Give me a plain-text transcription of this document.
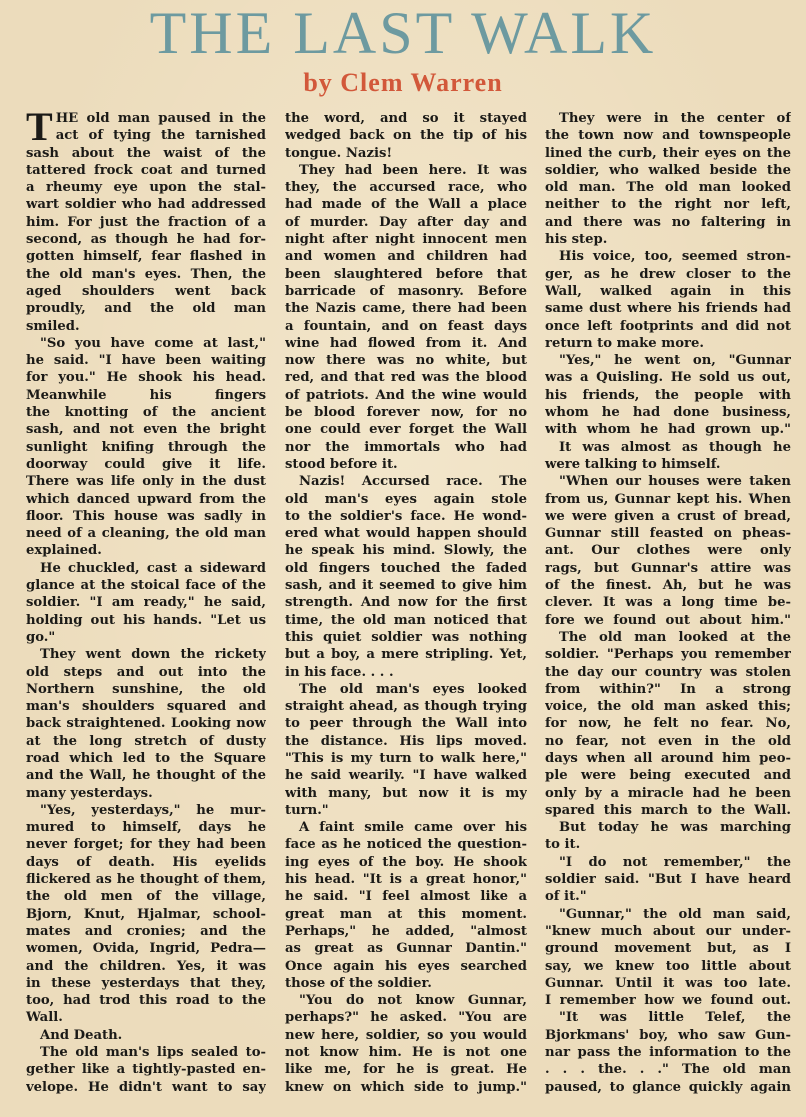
THE LAST WALK
by Clem Warren
T HE old man paused in the
act of tying the tarnished
sash about the waist of the
tattered frock coat and turned
a rheumy eye upon the stal-
wart soldier who had addressed
him. For just the fraction of a
second, as though he had for-
gotten himself, fear flashed in
the old man's eyes. Then, the
aged shoulders went back
proudly, and the old man
smiled.
"So you have come at last,"
he said. "I have been waiting
for you." He shook his head.
Meanwhile his fingers
the knotting of the ancient
sash, and not even the bright
sunlight knifing through the
doorway could give it life.
There was life only in the dust
which danced upward from the
floor. This house was sadly in
need of a cleaning, the old man
explained.
He chuckled, cast a sideward
glance at the stoical face of the
soldier. "I am ready," he said,
holding out his hands. "Let us
go."
They went down the rickety
old steps and out into the
Northern sunshine, the old
man's shoulders squared and
back straightened. Looking now
at the long stretch of dusty
road which led to the Square
and the Wall, he thought of the
many yesterdays.
"Yes, yesterdays," he mur-
mured to himself, days he
never forget; for they had been
days of death. His eyelids
flickered as he thought of them,
the old men of the village,
Bjorn, Knut, Hjalmar, school-
mates and cronies; and the
women, Ovida, Ingrid, Pedra—
and the children. Yes, it was
in these yesterdays that they,
too, had trod this road to the
Wall.
And Death.
The old man's lips sealed to-
gether like a tightly-pasted en-
velope. He didn't want to say
the word, and so it stayed
wedged back on the tip of his
tongue. Nazis!
They had been here. It was
they, the accursed race, who
had made of the Wall a place
of murder. Day after day and
night after night innocent men
and women and children had
been slaughtered before that
barricade of masonry. Before
the Nazis came, there had been
a fountain, and on feast days
wine had flowed from it. And
now there was no white, but
red, and that red was the blood
of patriots. And the wine would
be blood forever now, for no
one could ever forget the Wall
nor the immortals who had
stood before it.
Nazis! Accursed race. The
old man's eyes again stole
to the soldier's face. He wond-
ered what would happen should
he speak his mind. Slowly, the
old fingers touched the faded
sash, and it seemed to give him
strength. And now for the first
time, the old man noticed that
this quiet soldier was nothing
but a boy, a mere stripling. Yet,
in his face. . . .
The old man's eyes looked
straight ahead, as though trying
to peer through the Wall into
the distance. His lips moved.
"This is my turn to walk here,"
he said wearily. "I have walked
with many, but now it is my
turn."
A faint smile came over his
face as he noticed the question-
ing eyes of the boy. He shook
his head. "It is a great honor,"
he said. "I feel almost like a
great man at this moment.
Perhaps," he added, "almost
as great as Gunnar Dantin."
Once again his eyes searched
those of the soldier.
"You do not know Gunnar,
perhaps?" he asked. "You are
new here, soldier, so you would
not know him. He is not one
like me, for he is great. He
knew on which side to jump."
They were in the center of
the town now and townspeople
lined the curb, their eyes on the
soldier, who walked beside the
old man. The old man looked
neither to the right nor left,
and there was no faltering in
his step.
His voice, too, seemed stron-
ger, as he drew closer to the
Wall, walked again in this
same dust where his friends had
once left footprints and did not
return to make more.
"Yes," he went on, "Gunnar
was a Quisling. He sold us out,
his friends, the people with
whom he had done business,
with whom he had grown up."
It was almost as though he
were talking to himself.
"When our houses were taken
from us, Gunnar kept his. When
we were given a crust of bread,
Gunnar still feasted on pheas-
ant. Our clothes were only
rags, but Gunnar's attire was
of the finest. Ah, but he was
clever. It was a long time be-
fore we found out about him."
The old man looked at the
soldier. "Perhaps you remember
the day our country was stolen
from within?" In a strong
voice, the old man asked this;
for now, he felt no fear. No,
no fear, not even in the old
days when all around him peo-
ple were being executed and
only by a miracle had he been
spared this march to the Wall.
But today he was marching
to it.
"I do not remember," the
soldier said. "But I have heard
of it."
"Gunnar," the old man said,
"knew much about our under-
ground movement but, as I
say, we knew too little about
Gunnar. Until it was too late.
I remember how we found out.
"It was little Telef, the
Bjorkmans' boy, who saw Gun-
nar pass the information to the
. . . the. . ." The old man
paused, to glance quickly again
